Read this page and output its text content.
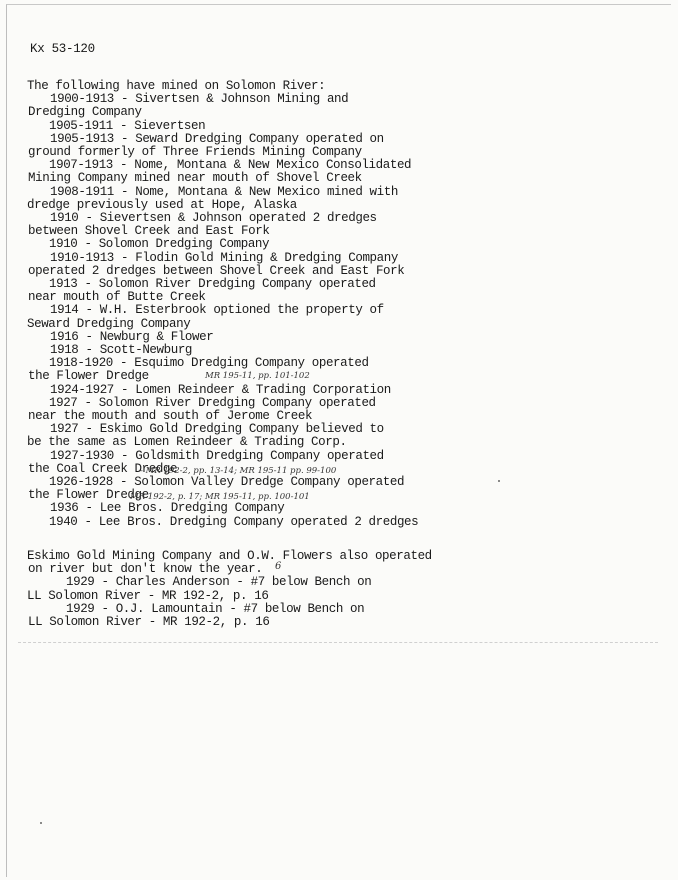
Kx 53-120
The following have mined on Solomon River:
1900-1913 - Sivertsen & Johnson Mining and
Dredging Company
1905-1911 - Sievertsen
1905-1913 - Seward Dredging Company operated on
ground formerly of Three Friends Mining Company
1907-1913 - Nome, Montana & New Mexico Consolidated
Mining Company mined near mouth of Shovel Creek
1908-1911 - Nome, Montana & New Mexico mined with
dredge previously used at Hope, Alaska
1910 - Sievertsen & Johnson operated 2 dredges
between Shovel Creek and East Fork
1910 - Solomon Dredging Company
1910-1913 - Flodin Gold Mining & Dredging Company
operated 2 dredges between Shovel Creek and East Fork
1913 - Solomon River Dredging Company operated
near mouth of Butte Creek
1914 - W.H. Esterbrook optioned the property of
Seward Dredging Company
1916 - Newburg & Flower
1918 - Scott-Newburg
1918-1920 - Esquimo Dredging Company operated
the Flower Dredge
1924-1927 - Lomen Reindeer & Trading Corporation
1927 - Solomon River Dredging Company operated
near the mouth and south of Jerome Creek
1927 - Eskimo Gold Dredging Company believed to
be the same as Lomen Reindeer & Trading Corp.
1927-1930 - Goldsmith Dredging Company operated
the Coal Creek Dredge
1926-1928 - Solomon Valley Dredge Company operated
the Flower Dredge
1936 - Lee Bros. Dredging Company
1940 - Lee Bros. Dredging Company operated 2 dredges
Eskimo Gold Mining Company and O.W. Flowers also operated
on river but don't know the year.
1929 - Charles Anderson - #7 below Bench on
LL Solomon River - MR 192-2, p. 16
1929 - O.J. Lamountain - #7 below Bench on
LL Solomon River - MR 192-2, p. 16
MR 195-11, pp. 101-102
- MR 192-2, pp. 13-14; MR 195-11 pp. 99-100
MR 192-2, p. 17; MR 195-11, pp. 100-101
6
